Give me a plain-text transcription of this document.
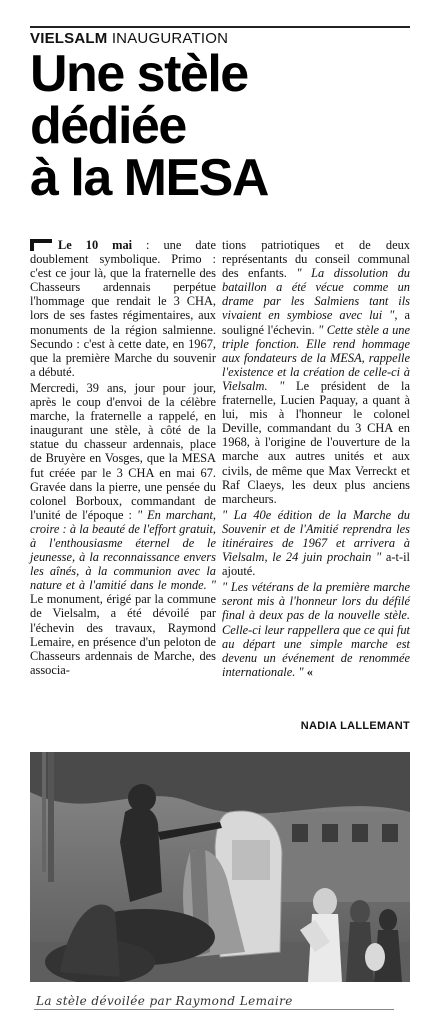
VIELSALM INAUGURATION
Une stèle
dédiée
à la MESA

Le 10 mai : une date doublement symbolique. Primo : c'est ce jour là, que la fraternelle des Chasseurs ardennais perpétue l'hommage que rendait le 3 CHA, lors de ses fastes régimentaires, aux monuments de la région salmienne. Secundo : c'est à cette date, en 1967, que la première Marche du souvenir a débuté.

Mercredi, 39 ans, jour pour jour, après le coup d'envoi de la célèbre marche, la fraternelle a rappelé, en inaugurant une stèle, à côté de la statue du chasseur ardennais, place de Bruyère en Vosges, que la MESA fut créée par le 3 CHA en mai 67. Gravée dans la pierre, une pensée du colonel Borboux, commandant de l'unité de l'époque : " En marchant, croire : à la beauté de l'effort gratuit, à l'enthousiasme éternel de le jeunesse, à la reconnaissance envers les aînés, à la communion avec la nature et à l'amitié dans le monde. " Le monument, érigé par la commune de Vielsalm, a été dévoilé par l'échevin des travaux, Raymond Lemaire, en présence d'un peloton de Chasseurs ardennais de Marche, des associa-

tions patriotiques et de deux représentants du conseil communal des enfants. " La dissolution du bataillon a été vécue comme un drame par les Salmiens tant ils vivaient en symbiose avec lui ", a souligné l'échevin. " Cette stèle a une triple fonction. Elle rend hommage aux fondateurs de la MESA, rappelle l'existence et la création de celle-ci à Vielsalm. " Le président de la fraternelle, Lucien Paquay, a quant à lui, mis à l'honneur le colonel Deville, commandant du 3 CHA en 1968, à l'origine de l'ouverture de la marche aux autres unités et aux civils, de même que Max Verreckt et Raf Claeys, les deux plus anciens marcheurs.

" La 40e édition de la Marche du Souvenir et de l'Amitié reprendra les itinéraires de 1967 et arrivera à Vielsalm, le 24 juin prochain " a-t-il ajouté.

" Les vétérans de la première marche seront mis à l'honneur lors du défilé final à deux pas de la nouvelle stèle. Celle-ci leur rappellera que ce qui fut au départ une simple marche est devenu un événement de renommée internationale. " «

NADIA LALLEMANT
La stèle dévoilée par Raymond Lemaire
